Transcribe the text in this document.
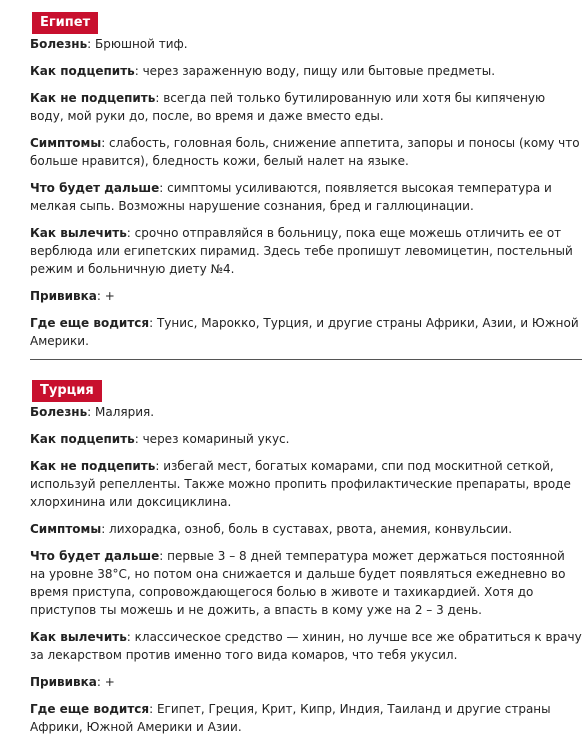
Египет

Болезнь: Брюшной тиф.

Как подцепить: через зараженную воду, пищу или бытовые предметы.

Как не подцепить: всегда пей только бутилированную или хотя бы кипяченую воду, мой руки до, после, во время и даже вместо еды.

Симптомы: слабость, головная боль, снижение аппетита, запоры и поносы (кому что больше нравится), бледность кожи, белый налет на языке.

Что будет дальше: симптомы усиливаются, появляется высокая температура и мелкая сыпь. Возможны нарушение сознания, бред и галлюцинации.

Как вылечить: срочно отправляйся в больницу, пока еще можешь отличить ее от верблюда или египетских пирамид. Здесь тебе пропишут левомицетин, постельный режим и больничную диету №4.

Прививка: +

Где еще водится: Тунис, Марокко, Турция, и другие страны Африки, Азии, и Южной Америки.

Турция

Болезнь: Малярия.

Как подцепить: через комариный укус.

Как не подцепить: избегай мест, богатых комарами, спи под москитной сеткой, используй репелленты. Также можно пропить профилактические препараты, вроде хлорхинина или доксициклина.

Симптомы: лихорадка, озноб, боль в суставах, рвота, анемия, конвульсии.

Что будет дальше: первые 3 – 8 дней температура может держаться постоянной на уровне 38°С, но потом она снижается и дальше будет появляться ежедневно во время приступа, сопровождающегося болью в животе и тахикардией. Хотя до приступов ты можешь и не дожить, а впасть в кому уже на 2 – 3 день.

Как вылечить: классическое средство — хинин, но лучше все же обратиться к врачу за лекарством против именно того вида комаров, что тебя укусил.

Прививка: +

Где еще водится: Египет, Греция, Крит, Кипр, Индия, Таиланд и другие страны Африки, Южной Америки и Азии.
